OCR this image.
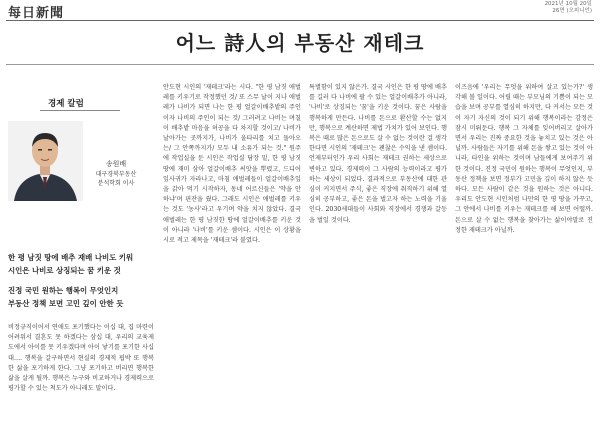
每日新聞
2021년 10월 20일
26면 (오피니언)
어느 詩人의 부동산 재테크
경제 칼럼
송원배
대구경북부동산
분석학회 이사
한 평 남짓 땅에 배추 재배 나비도 키워
시인은 나비로 상징되는 꿈 키운 것
진정 국민 원하는 행복이 무엇인지
부동산 정책 보면 고민 깊이 안한 듯

비정규직이어서 연애도 포기했다는 이십 대, 집 마련이 어려워서 결혼도 못 하겠다는 삼십 대, 우리의 교육제도에서 아이를 못 키우겠다며 아이 낳기를 포기한 사십 대…. 행복을 갈구하면서 현실의 경제적 핍박 또 행복한 삶을 포기하게 한다. 그냥 포기하고 버리면 행복한 삶을 살게 될까. 행복은 누구와 비교하거나 경제력으로 평가할 수 있는 척도가 아니래도 말이다.

안도현 시인의 '재테크'라는 시다. "한 평 남짓 애벌레를 키우기로 작정했던 것/ 또 스무 날이 지나 애벌레가 나비가 되면 나는 한 평 얼갈이배추밭의 주인이자 나비의 주인이 되는 것/ 그러려고 나비는 며칠이 배추밭 마음을 허공을 다 차지할 것이고/ 나비가 날아가는 곳까지가, 나비가 울타리를 치고 돌아오는/ 그 안쪽까지가/ 모두 내 소유가 되는 것." 원주에 작업실을 둔 시인은 작업실 담장 밑, 한 평 남짓 땅에 재미 삼아 얼갈이배추 씨앗을 뿌렸고, 드디어 잎사귀가 자라나고, 마침 애벌레들이 얼갈이배추잎을 갉아 먹기 시작하자, 동네 어르신들은 '약을 안 하냐'며 핀잔을 줬다. 그래도 시인은 애벌레를 키우는 것도 '농사'라고 우기며 약을 치지 않았다. 결국 애벌레는 한 평 남짓한 땅에 얼갈이배추를 키운 것이 아니라 '나비'를 키운 셈이다. 시인은 이 상황을 시로 적고 제목을 '재테크'라 붙였다.

특별함이 있지 않은가. 결국 시인은 한 평 땅에 배추를 길러 다 나비에 팔 수 있는 얼갈이배추가 아니라, '나비'로 상징되는 '꿈'을 키운 것이다. 꿈은 사람을 행복하게 만든다. 나비를 돈으로 환산할 수는 없지만, 행복으로 계산하면 제법 가치가 있어 보인다. 행복은 때로 많은 돈으로도 살 수 없는 것이란 걸 생각한다면 시인의 '재테크'는 괜찮은 수익을 낸 셈이다. 언제부터인가 우리 사회는 재테크 권하는 세상으로 변하고 있다. 경제력이 그 사람의 능력이라고 평가하는 세상이 되었다. 결과적으로 부동산에 대한 관심이 커지면서 주식, 좋은 직장에 취직하기 위해 열심히 공부하고, 좋은 돈을 벌고자 하는 노력을 기울인다. 2030세대들이 사회와 직장에서 경쟁과 갈등을 벌일 것이다.

이즈음에 '우리는 무엇을 위하여 살고 있는가?' 생각해 볼 일이다. 어릴 때는 부모님의 기쁨이 되는 모습을 보며 공부를 열심히 하지만, 다 커서는 모든 것이 자기 자신의 것이 되기 위해 행복이라는 감정은 잠시 미뤄둔다. 행복 그 자체를 잊어버리고 살아가면서 우리는 진짜 중요한 것을 놓치고 있는 것은 아닐까. 사람들은 자기를 위해 돈을 쌓고 있는 것이 아니라, 타인을 위하는 것이며 남들에게 보여주기 위한 것이다. 진정 국민이 원하는 행복이 무엇인지, 부동산 정책을 보면 정부가 고민을 깊이 하지 않은 듯하다. 모든 사람이 같은 것을 원하는 것은 아니다. 우리도 안도현 시인처럼 나만의 한 평 땅을 가꾸고, 그 안에서 나비를 키우는 재테크를 해 보면 어떨까. 돈으로 살 수 없는 행복을 찾아가는 삶이야말로 진정한 재테크가 아닐까.
